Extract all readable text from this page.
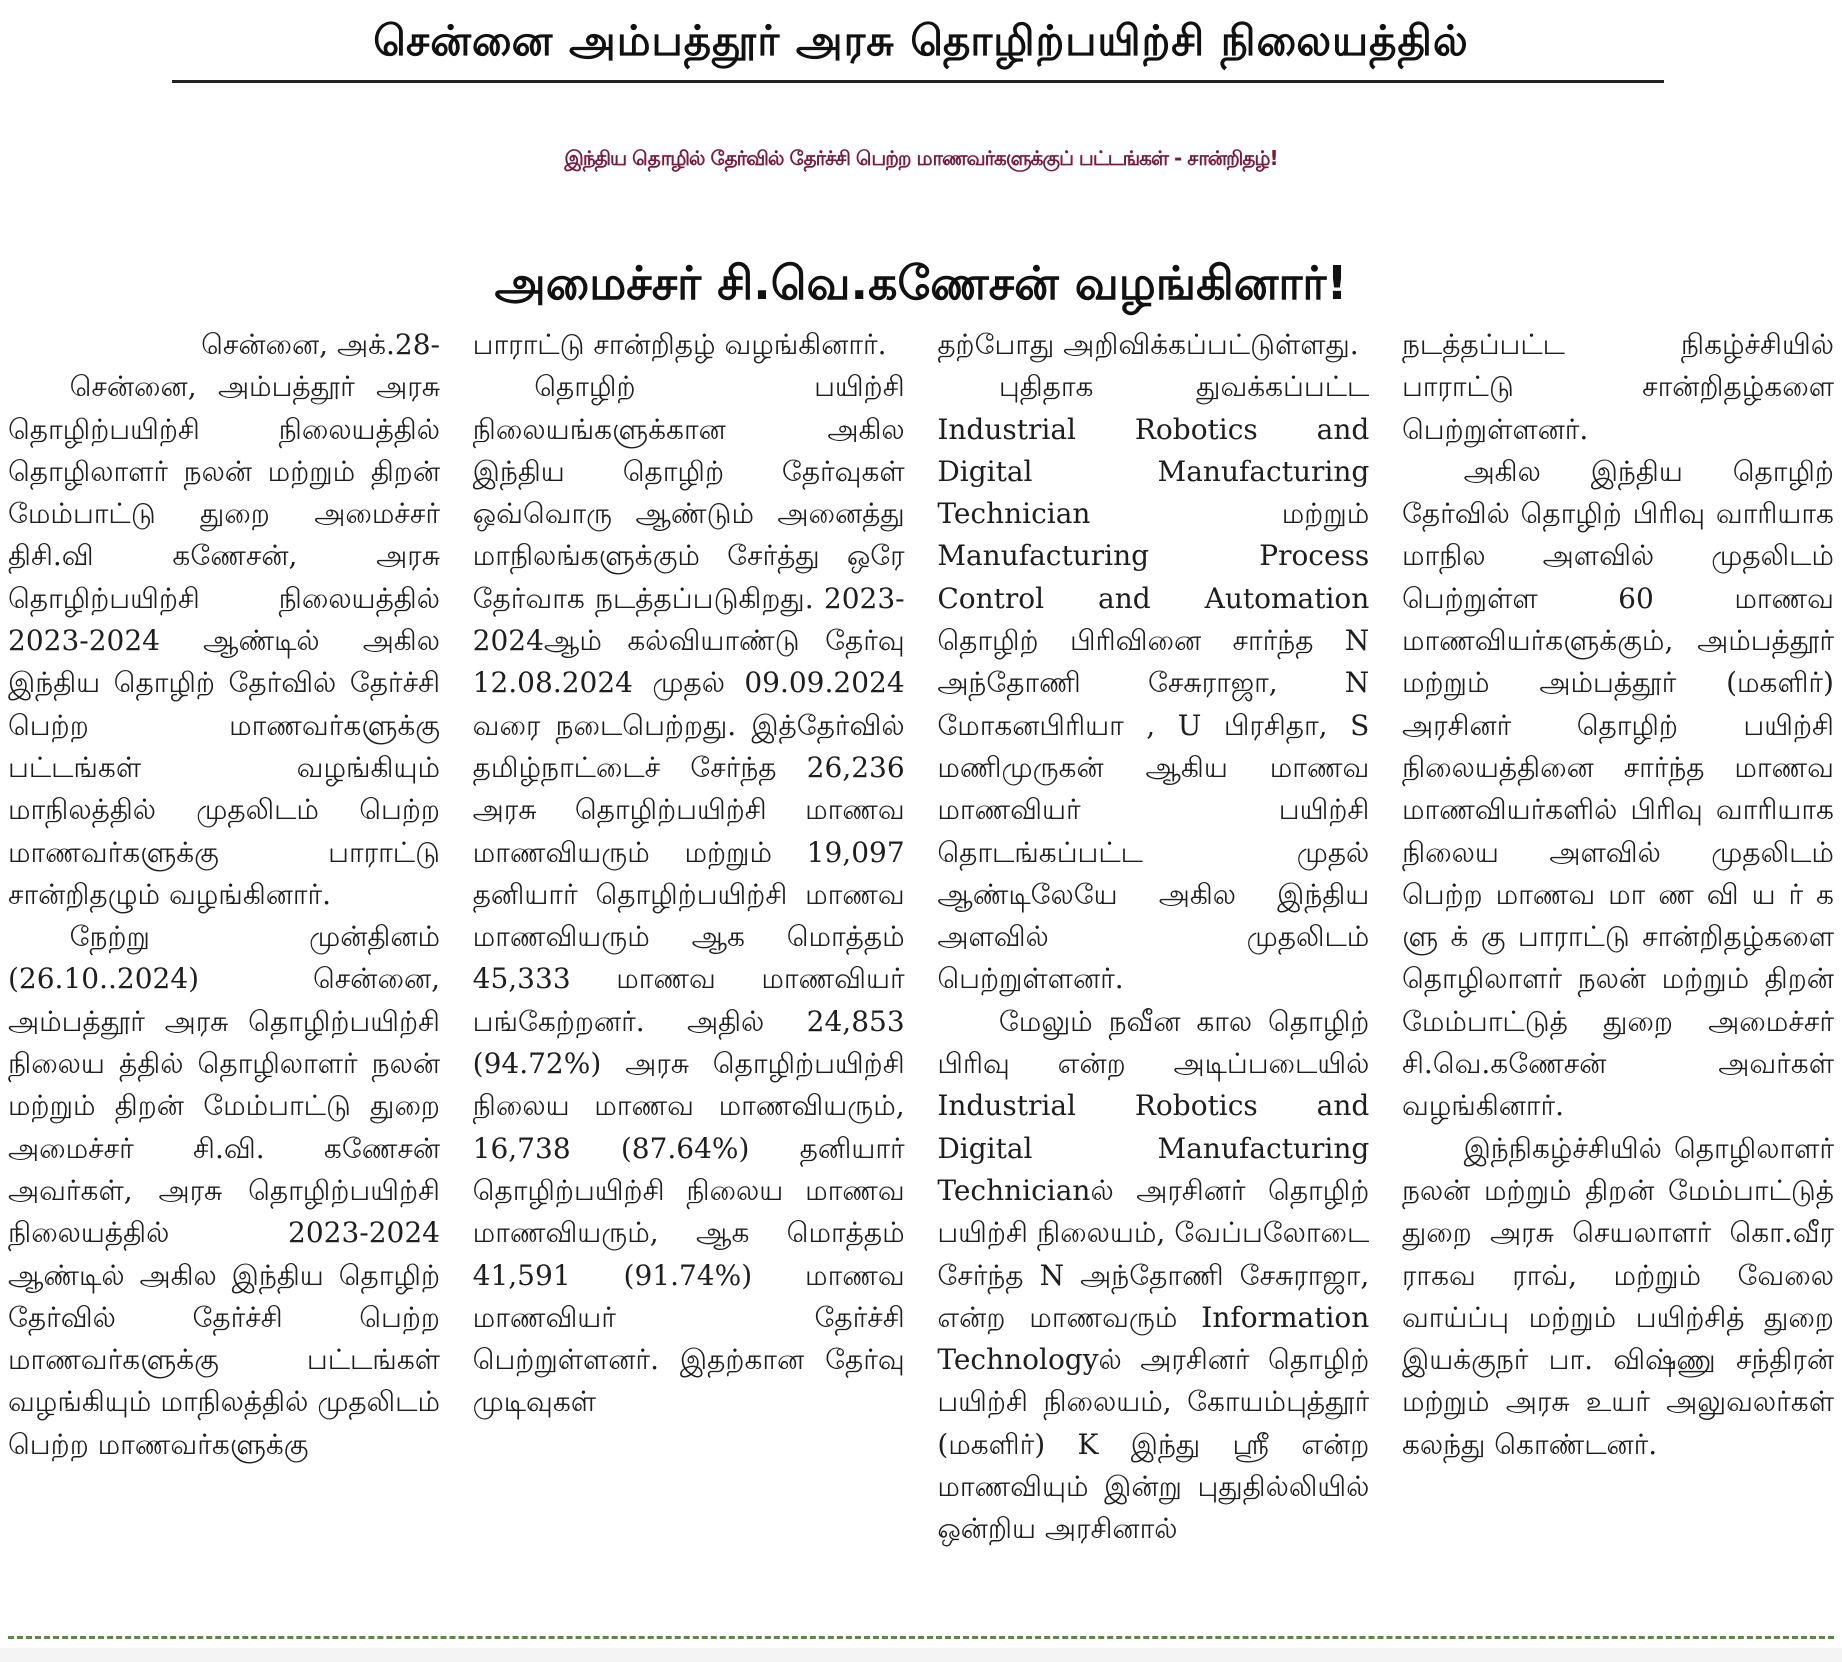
சென்னை அம்பத்தூர் அரசு தொழிற்பயிற்சி நிலையத்தில்
இந்திய தொழில் தேர்வில் தேர்ச்சி பெற்ற மாணவர்களுக்குப் பட்டங்கள் - சான்றிதழ்!
அமைச்சர் சி.வெ.கணேசன் வழங்கினார்!

சென்னை, அக்.28-

சென்னை, அம்பத்தூர் அரசு தொழிற்பயிற்சி நிலையத்தில் தொழிலாளர் நலன் மற்றும் திறன் மேம்பாட்டு துறை அமைச்சர் திசி.வி கணேசன், அரசு தொழிற்பயிற்சி நிலையத்தில் 2023-2024 ஆண்டில் அகில இந்திய தொழிற் தேர்வில் தேர்ச்சி பெற்ற மாணவர்களுக்கு பட்டங்கள் வழங்கியும் மாநிலத்தில் முதலிடம் பெற்ற மாணவர்களுக்கு பாராட்டு சான்றிதழும் வழங்கினார்.

நேற்று முன்தினம் (26.10..2024) சென்னை, அம்பத்தூர் அரசு தொழிற்பயிற்சி நிலைய த்தில் தொழிலாளர் நலன் மற்றும் திறன் மேம்பாட்டு துறை அமைச்சர் சி.வி. கணேசன் அவர்கள், அரசு தொழிற்பயிற்சி நிலையத்தில் 2023-2024 ஆண்டில் அகில இந்திய தொழிற் தேர்வில் தேர்ச்சி பெற்ற மாணவர்களுக்கு பட்டங்கள் வழங்கியும் மாநிலத்தில் முதலிடம் பெற்ற மாணவர்களுக்கு

பாராட்டு சான்றிதழ் வழங்கினார்.

தொழிற் பயிற்சி நிலையங்களுக்கான அகில இந்திய தொழிற் தேர்வுகள் ஒவ்வொரு ஆண்டும் அனைத்து மாநிலங்களுக்கும் சேர்த்து ஒரே தேர்வாக நடத்தப்படுகிறது. 2023-2024ஆம் கல்வியாண்டு தேர்வு 12.08.2024 முதல் 09.09.2024 வரை நடைபெற்றது. இத்தேர்வில் தமிழ்நாட்டைச் சேர்ந்த 26,236 அரசு தொழிற்பயிற்சி மாணவ மாணவியரும் மற்றும் 19,097 தனியார் தொழிற்பயிற்சி மாணவ மாணவியரும் ஆக மொத்தம் 45,333 மாணவ மாணவியர் பங்கேற்றனர். அதில் 24,853 (94.72%) அரசு தொழிற்பயிற்சி நிலைய மாணவ மாணவியரும், 16,738 (87.64%) தனியார் தொழிற்பயிற்சி நிலைய மாணவ மாணவியரும், ஆக மொத்தம் 41,591 (91.74%) மாணவ மாணவியர் தேர்ச்சி பெற்றுள்ளனர். இதற்கான தேர்வு முடிவுகள்

தற்போது அறிவிக்கப்பட்டுள்ளது.

புதிதாக துவக்கப்பட்ட Industrial Robotics and Digital Manufacturing Technician மற்றும் Manufacturing Process Control and Automation தொழிற் பிரிவினை சார்ந்த N அந்தோணி சேசுராஜா, N மோகனபிரியா , U பிரசிதா, S மணிமுருகன் ஆகிய மாணவ மாணவியர் பயிற்சி தொடங்கப்பட்ட முதல் ஆண்டிலேயே அகில இந்திய அளவில் முதலிடம் பெற்றுள்ளனர்.

மேலும் நவீன கால தொழிற் பிரிவு என்ற அடிப்படையில் Industrial Robotics and Digital Manufacturing Technicianல் அரசினர் தொழிற் பயிற்சி நிலையம், வேப்பலோடை சேர்ந்த N அந்தோணி சேசுராஜா, என்ற மாணவரும் Information Technologyல் அரசினர் தொழிற் பயிற்சி நிலையம், கோயம்புத்தூர் (மகளிர்) K இந்து ஸ்ரீ என்ற மாணவியும் இன்று புதுதில்லியில் ஒன்றிய அரசினால்

நடத்தப்பட்ட நிகழ்ச்சியில் பாராட்டு சான்றிதழ்களை பெற்றுள்ளனர்.

அகில இந்திய தொழிற் தேர்வில் தொழிற் பிரிவு வாரியாக மாநில அளவில் முதலிடம் பெற்றுள்ள 60 மாணவ மாணவியர்களுக்கும், அம்பத்தூர் மற்றும் அம்பத்தூர் (மகளிர்) அரசினர் தொழிற் பயிற்சி நிலையத்தினை சார்ந்த மாணவ மாணவியர்களில் பிரிவு வாரியாக நிலைய அளவில் முதலிடம் பெற்ற மாணவ மா ண வி ய ர் க ளு க் கு பாராட்டு சான்றிதழ்களை தொழிலாளர் நலன் மற்றும் திறன் மேம்பாட்டுத் துறை அமைச்சர் சி.வெ.கணேசன் அவர்கள் வழங்கினார்.

இந்நிகழ்ச்சியில் தொழிலாளர் நலன் மற்றும் திறன் மேம்பாட்டுத் துறை அரசு செயலாளர் கொ.வீர ராகவ ராவ், மற்றும் வேலை வாய்ப்பு மற்றும் பயிற்சித் துறை இயக்குநர் பா. விஷ்ணு சந்திரன் மற்றும் அரசு உயர் அலுவலர்கள் கலந்து கொண்டனர்.
